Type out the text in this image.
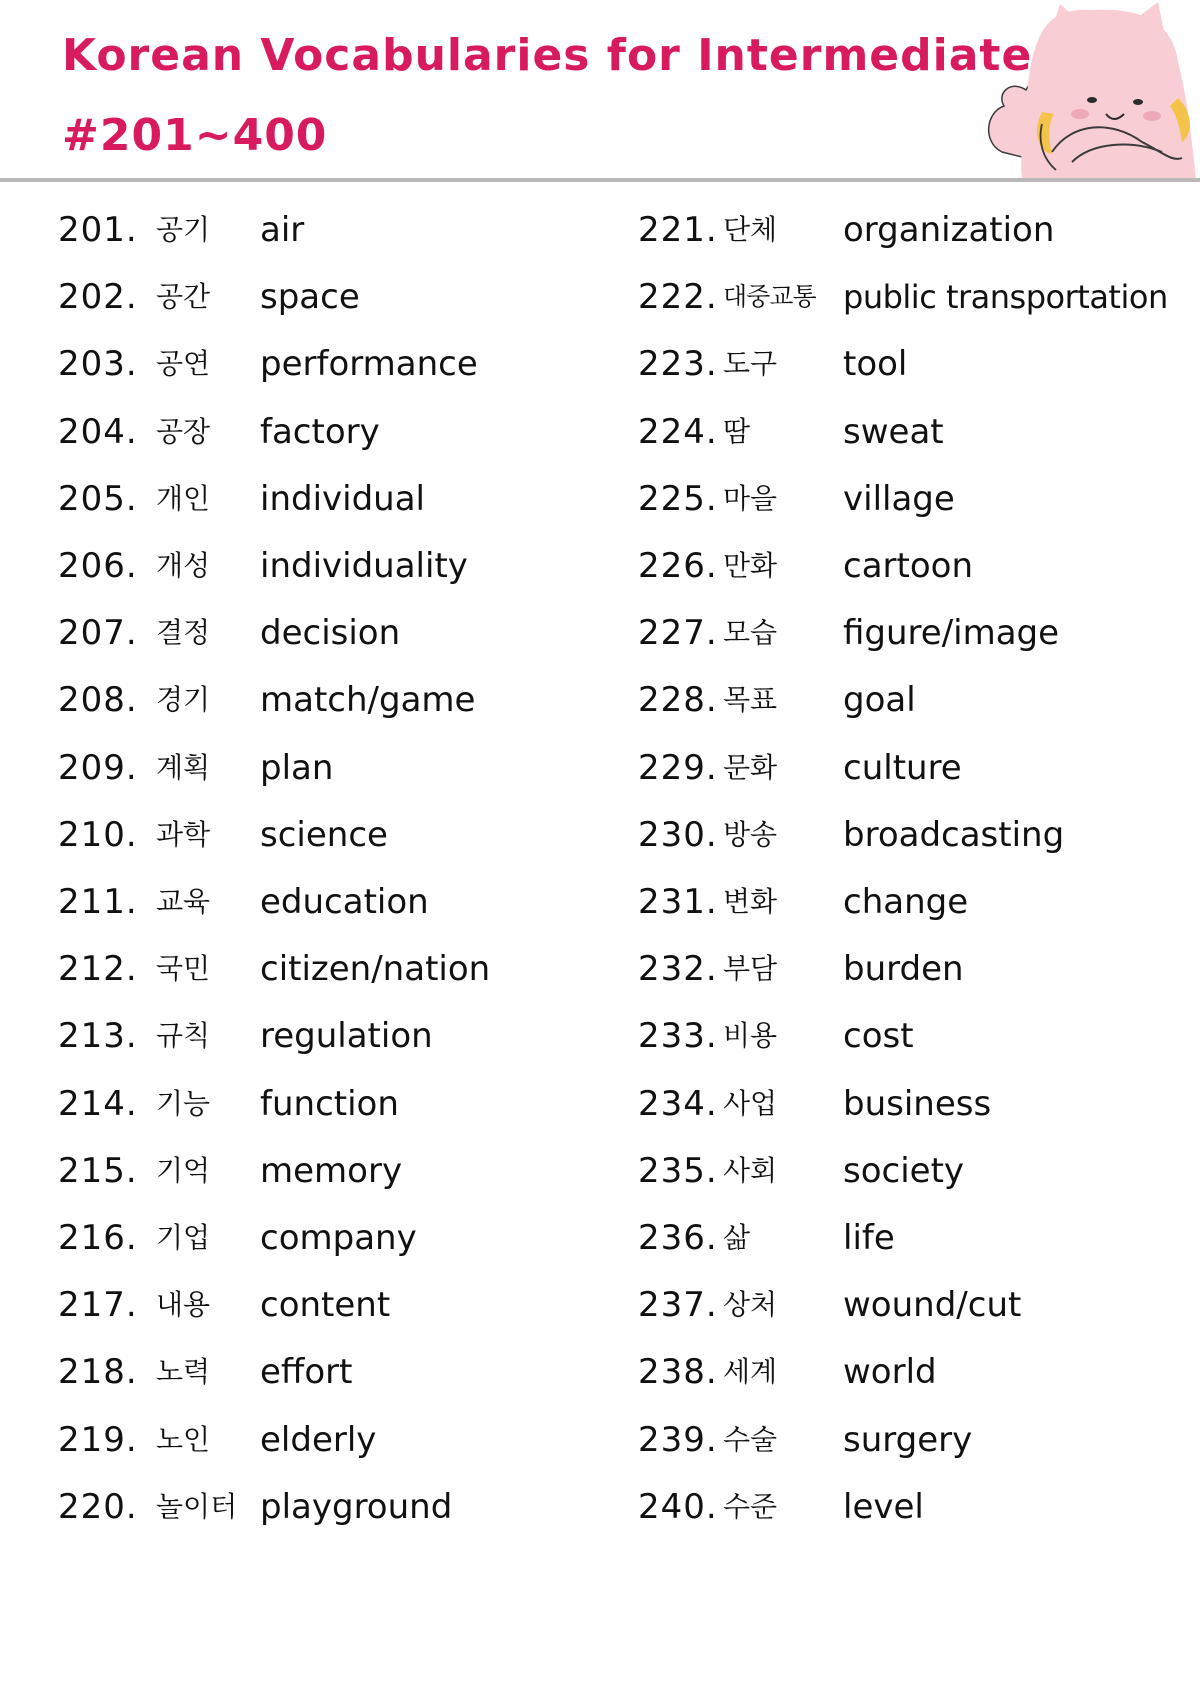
Korean Vocabularies for Intermediate
#201~400
201. 공기 air
202. 공간 space
203. 공연 performance
204. 공장 factory
205. 개인 individual
206. 개성 individuality
207. 결정 decision
208. 경기 match/game
209. 계획 plan
210. 과학 science
211. 교육 education
212. 국민 citizen/nation
213. 규칙 regulation
214. 기능 function
215. 기억 memory
216. 기업 company
217. 내용 content
218. 노력 effort
219. 노인 elderly
220. 놀이터 playground
221. 단체 organization
222. 대중교통 public transportation
223. 도구 tool
224. 땀	sweat
225. 마을 village
226. 만화 cartoon
227. 모습 figure/image
228. 목표 goal
229. 문화 culture
230. 방송 broadcasting
231. 변화 change
232. 부담 burden
233. 비용 cost
234. 사업 business
235. 사회 society
236. 삶	life
237. 상처 wound/cut
238. 세계 world
239. 수술 surgery
240. 수준 level
